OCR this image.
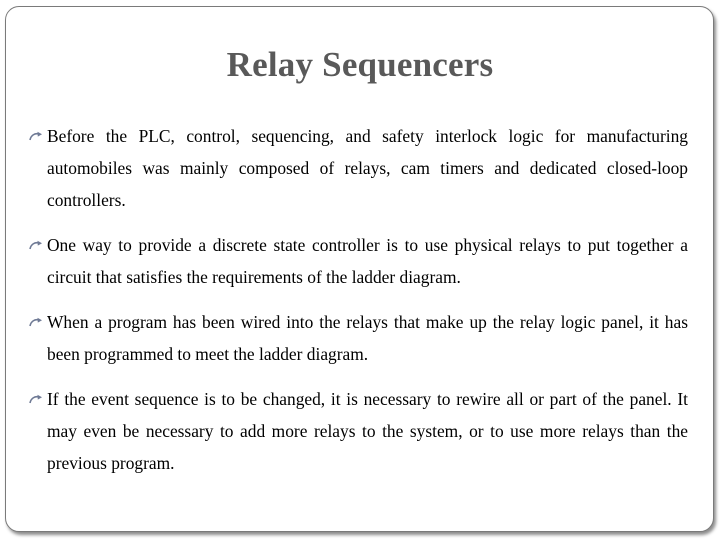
Relay Sequencers
Before the PLC, control, sequencing, and safety interlock logic for manufacturing automobiles was mainly composed of relays, cam timers and dedicated closed-loop controllers.
One way to provide a discrete state controller is to use physical relays to put together a circuit that satisfies the requirements of the ladder diagram.
When a program has been wired into the relays that make up the relay logic panel, it has been programmed to meet the ladder diagram.
If the event sequence is to be changed, it is necessary to rewire all or part of the panel. It may even be necessary to add more relays to the system, or to use more relays than the previous program.
